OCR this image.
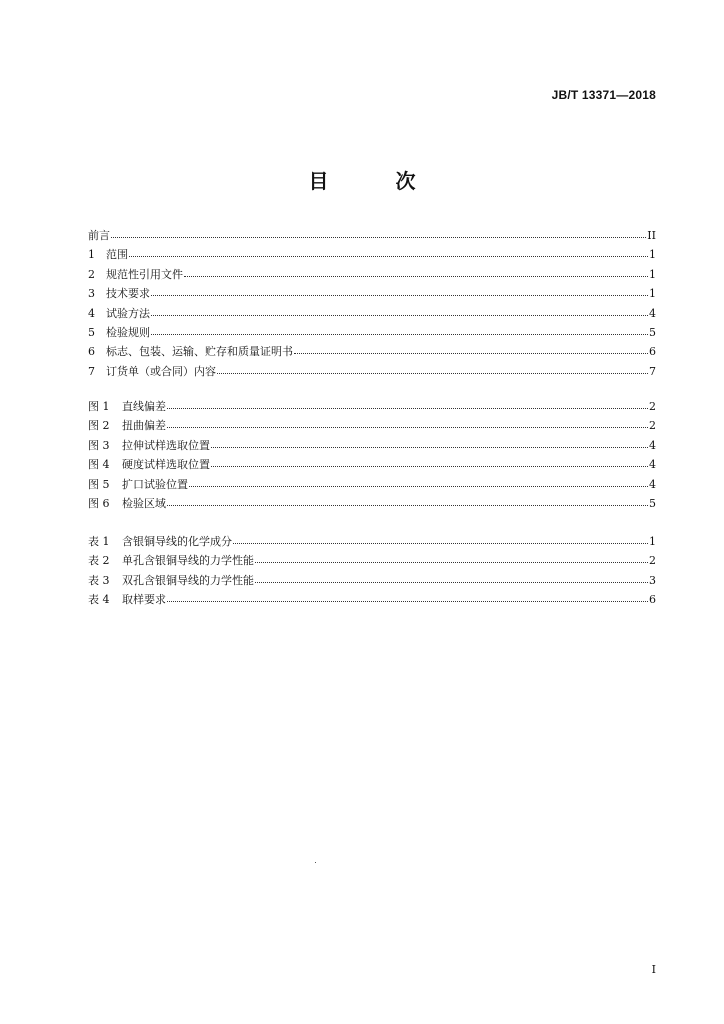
JB/T 13371—2018
目 次
前言	II
1	范围	1
2	规范性引用文件	1
3	技术要求	1
4	试验方法	4
5	检验规则	5
6	标志、包装、运输、贮存和质量证明书	6
7	订货单（或合同）内容	7
图 1	直线偏差	2
图 2	扭曲偏差	2
图 3	拉伸试样选取位置	4
图 4	硬度试样选取位置	4
图 5	扩口试验位置	4
图 6	检验区域	5
表 1	含银铜导线的化学成分	1
表 2	单孔含银铜导线的力学性能	2
表 3	双孔含银铜导线的力学性能	3
表 4	取样要求	6
I
